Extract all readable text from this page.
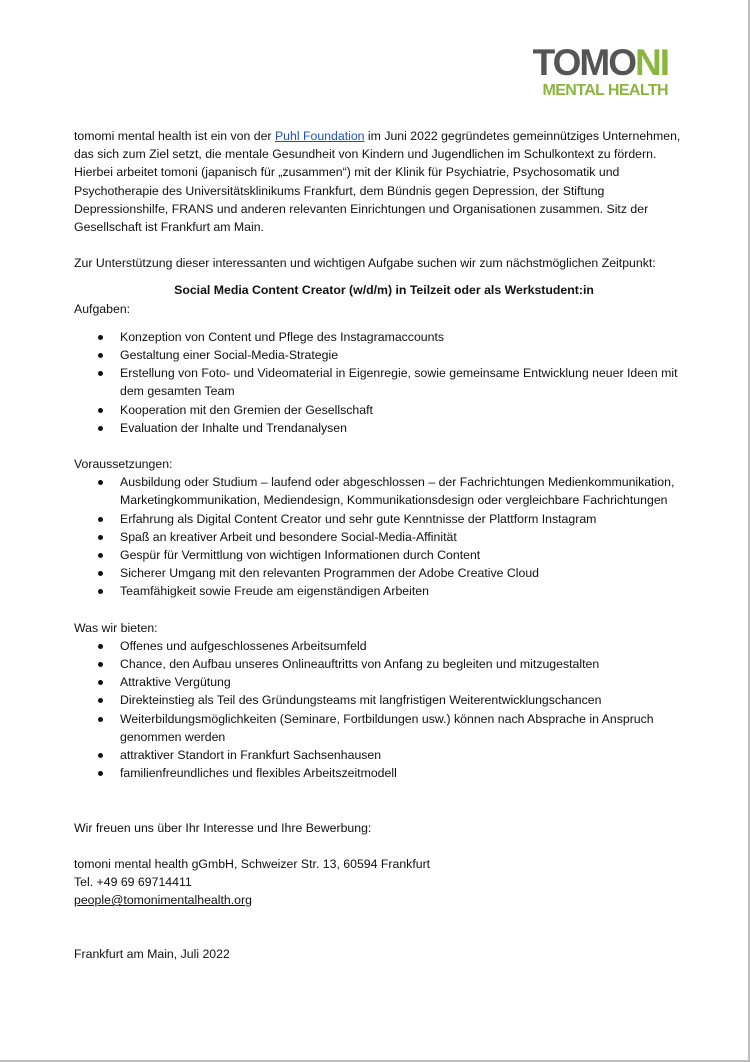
TOMONI
MENTAL HEALTH

tomomi mental health ist ein von der Puhl Foundation im Juni 2022 gegründetes gemeinnütziges Unternehmen, das sich zum Ziel setzt, die mentale Gesundheit von Kindern und Jugendlichen im Schulkontext zu fördern. Hierbei arbeitet tomoni (japanisch für „zusammen“) mit der Klinik für Psychiatrie, Psychosomatik und Psychotherapie des Universitätsklinikums Frankfurt, dem Bündnis gegen Depression, der Stiftung Depressionshilfe, FRANS und anderen relevanten Einrichtungen und Organisationen zusammen. Sitz der Gesellschaft ist Frankfurt am Main.

Zur Unterstützung dieser interessanten und wichtigen Aufgabe suchen wir zum nächstmöglichen Zeitpunkt:

Social Media Content Creator (w/d/m) in Teilzeit oder als Werkstudent:in

Aufgaben:

Konzeption von Content und Pflege des Instagramaccounts
Gestaltung einer Social-Media-Strategie
Erstellung von Foto- und Videomaterial in Eigenregie, sowie gemeinsame Entwicklung neuer Ideen mit dem gesamten Team
Kooperation mit den Gremien der Gesellschaft
Evaluation der Inhalte und Trendanalysen

Voraussetzungen:

Ausbildung oder Studium – laufend oder abgeschlossen – der Fachrichtungen Medienkommunikation, Marketingkommunikation, Mediendesign, Kommunikationsdesign oder vergleichbare Fachrichtungen
Erfahrung als Digital Content Creator und sehr gute Kenntnisse der Plattform Instagram
Spaß an kreativer Arbeit und besondere Social-Media-Affinität
Gespür für Vermittlung von wichtigen Informationen durch Content
Sicherer Umgang mit den relevanten Programmen der Adobe Creative Cloud
Teamfähigkeit sowie Freude am eigenständigen Arbeiten

Was wir bieten:

Offenes und aufgeschlossenes Arbeitsumfeld
Chance, den Aufbau unseres Onlineauftritts von Anfang zu begleiten und mitzugestalten
Attraktive Vergütung
Direkteinstieg als Teil des Gründungsteams mit langfristigen Weiterentwicklungschancen
Weiterbildungsmöglichkeiten (Seminare, Fortbildungen usw.) können nach Absprache in Anspruch genommen werden
attraktiver Standort in Frankfurt Sachsenhausen
familienfreundliches und flexibles Arbeitszeitmodell

Wir freuen uns über Ihr Interesse und Ihre Bewerbung:

tomoni mental health gGmbH, Schweizer Str. 13, 60594 Frankfurt

Tel. +49 69 69714411

people@tomonimentalhealth.org

Frankfurt am Main, Juli 2022
